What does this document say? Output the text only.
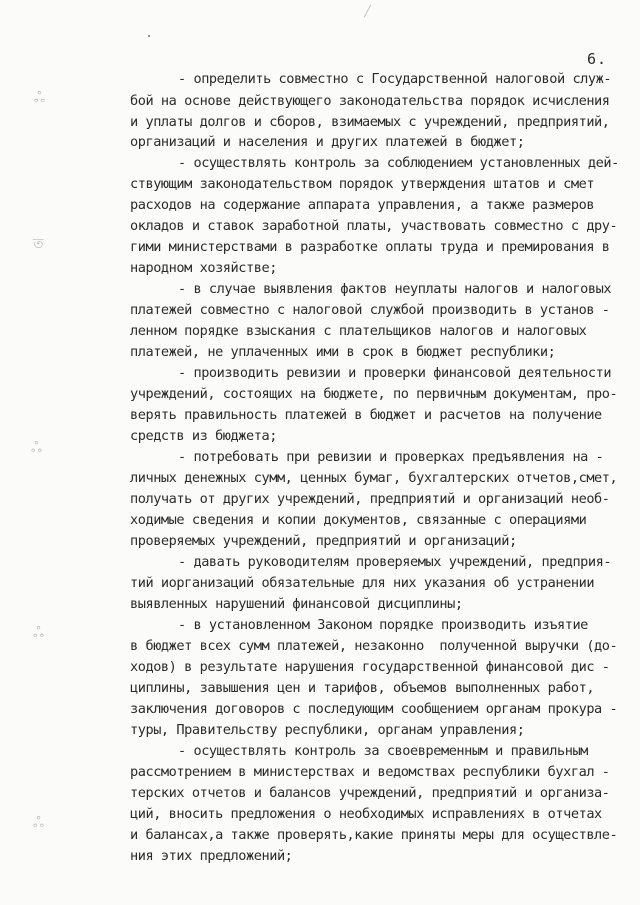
ஃ
ত
ஃ
ஃ
ஃ
6.
- определить совместно с Государственной налоговой служ-
бой на основе действующего законодательства порядок исчисления
и уплаты долгов и сборов, взимаемых с учреждений, предприятий,
организаций и населения и других платежей в бюджет;
- осуществлять контроль за соблюдением установленных дей-
ствующим законодательством порядок утверждения штатов и смет
расходов на содержание аппарата управления, а также размеров
окладов и ставок заработной платы, участвовать совместно с дру-
гими министерствами в разработке оплаты труда и премирования в
народном хозяйстве;
- в случае выявления фактов неуплаты налогов и налоговых
платежей совместно с налоговой службой производить в установ -
ленном порядке взыскания с плательщиков налогов и налоговых
платежей, не уплаченных ими в срок в бюджет республики;
- производить ревизии и проверки финансовой деятельности
учреждений, состоящих на бюджете, по первичным документам, про-
верять правильность платежей в бюджет и расчетов на получение
средств из бюджета;
- потребовать при ревизии и проверках предъявления на -
личных денежных сумм, ценных бумаг, бухгалтерских отчетов,смет,
получать от других учреждений, предприятий и организаций необ-
ходимые сведения и копии документов, связанные с операциями
проверяемых учреждений, предприятий и организаций;
- давать руководителям проверяемых учреждений, предприя-
тий иорганизаций обязательные для них указания об устранении
выявленных нарушений финансовой дисциплины;
- в установленном Законом порядке производить изъятие
в бюджет всех сумм платежей, незаконно  полученной выручки (до-
ходов) в результате нарушения государственной финансовой дис -
циплины, завышения цен и тарифов, объемов выполненных работ,
заключения договоров с последующим сообщением органам прокура -
туры, Правительству республики, органам управления;
- осуществлять контроль за своевременным и правильным
рассмотрением в министерствах и ведомствах республики бухгал -
терских отчетов и балансов учреждений, предприятий и организа-
ций, вносить предложения о необходимых исправлениях в отчетах
и балансах,а также проверять,какие приняты меры для осуществле-
ния этих предложений;
